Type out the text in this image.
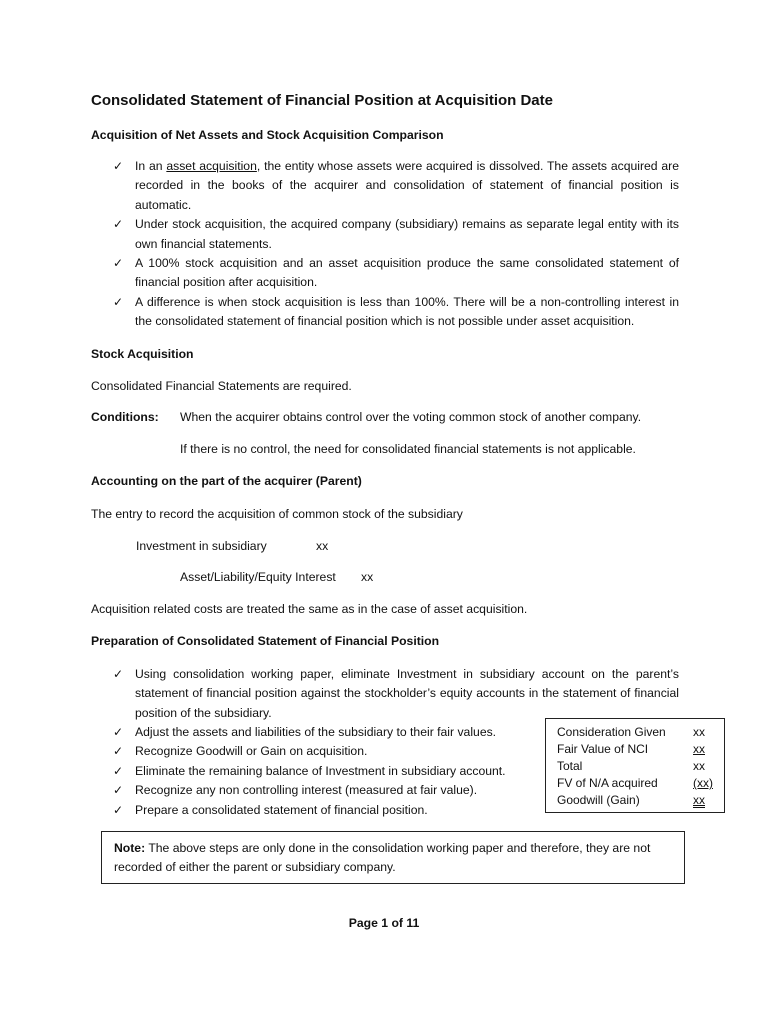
Consolidated Statement of Financial Position at Acquisition Date
Acquisition of Net Assets and Stock Acquisition Comparison
✓ In an asset acquisition, the entity whose assets were acquired is dissolved. The assets acquired are recorded in the books of the acquirer and consolidation of statement of financial position is automatic.
✓ Under stock acquisition, the acquired company (subsidiary) remains as separate legal entity with its own financial statements.
✓ A 100% stock acquisition and an asset acquisition produce the same consolidated statement of financial position after acquisition.
✓ A difference is when stock acquisition is less than 100%. There will be a non-controlling interest in the consolidated statement of financial position which is not possible under asset acquisition.
Stock Acquisition
Consolidated Financial Statements are required.
Conditions: When the acquirer obtains control over the voting common stock of another company.
If there is no control, the need for consolidated financial statements is not applicable.
Accounting on the part of the acquirer (Parent)
The entry to record the acquisition of common stock of the subsidiary
Investment in subsidiary	xx
Asset/Liability/Equity Interest xx
Acquisition related costs are treated the same as in the case of asset acquisition.
Preparation of Consolidated Statement of Financial Position
✓ Using consolidation working paper, eliminate Investment in subsidiary account on the parent’s statement of financial position against the stockholder’s equity accounts in the statement of financial position of the subsidiary.
✓ Adjust the assets and liabilities of the subsidiary to their fair values.
✓ Recognize Goodwill or Gain on acquisition.
✓ Eliminate the remaining balance of Investment in subsidiary account.
✓ Recognize any non controlling interest (measured at fair value).
✓ Prepare a consolidated statement of financial position.
Consideration Given xx
Fair Value of NCI	xx
Total	xx
FV of N/A acquired	(xx)
Goodwill (Gain)	xx
Note: The above steps are only done in the consolidation working paper and therefore, they are not recorded of either the parent or subsidiary company.
Page 1 of 11
